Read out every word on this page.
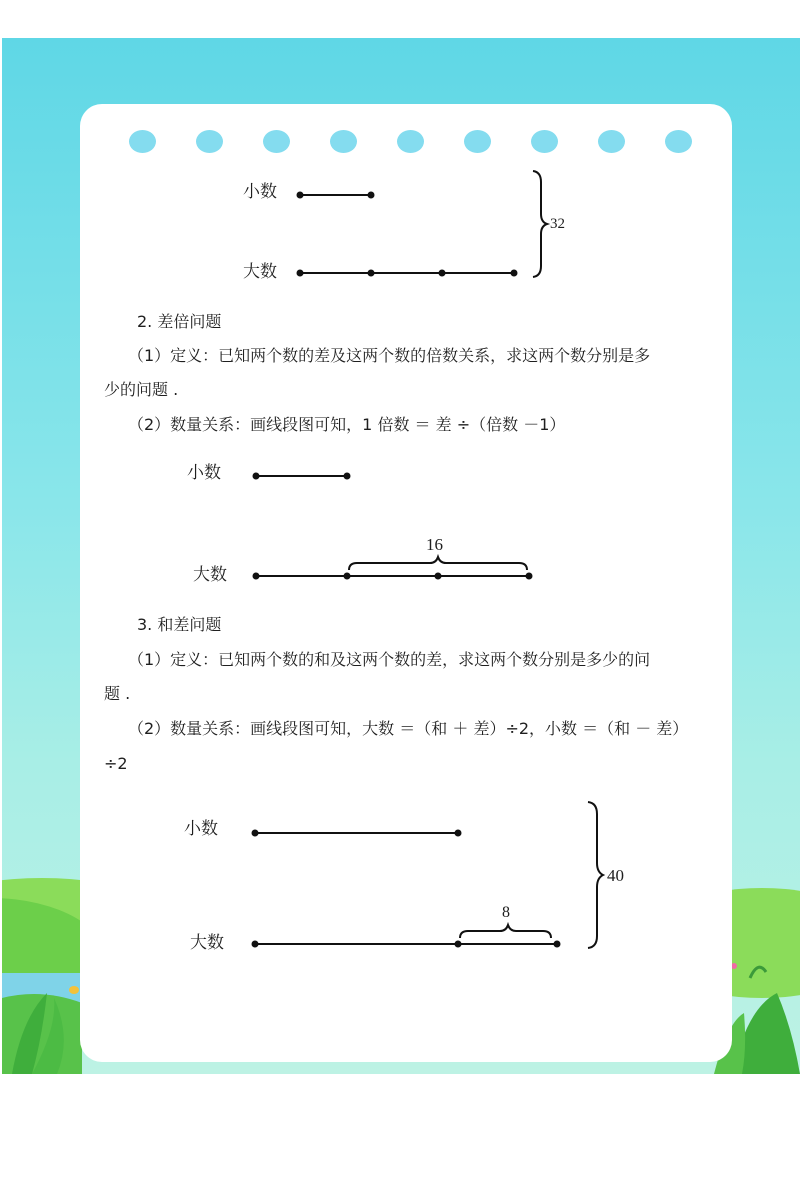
小数
大数
32
2. 差倍问题
（1）定义：已知两个数的差及这两个数的倍数关系，求这两个数分别是多
少的问题 .
（2）数量关系：画线段图可知，1 倍数 ＝ 差 ÷（倍数 －1）
小数
大数
16
3. 和差问题
（1）定义：已知两个数的和及这两个数的差，求这两个数分别是多少的问
题 .
（2）数量关系：画线段图可知，大数 ＝（和 ＋ 差）÷2，小数 ＝（和 － 差）
÷2
小数
大数
40
8
